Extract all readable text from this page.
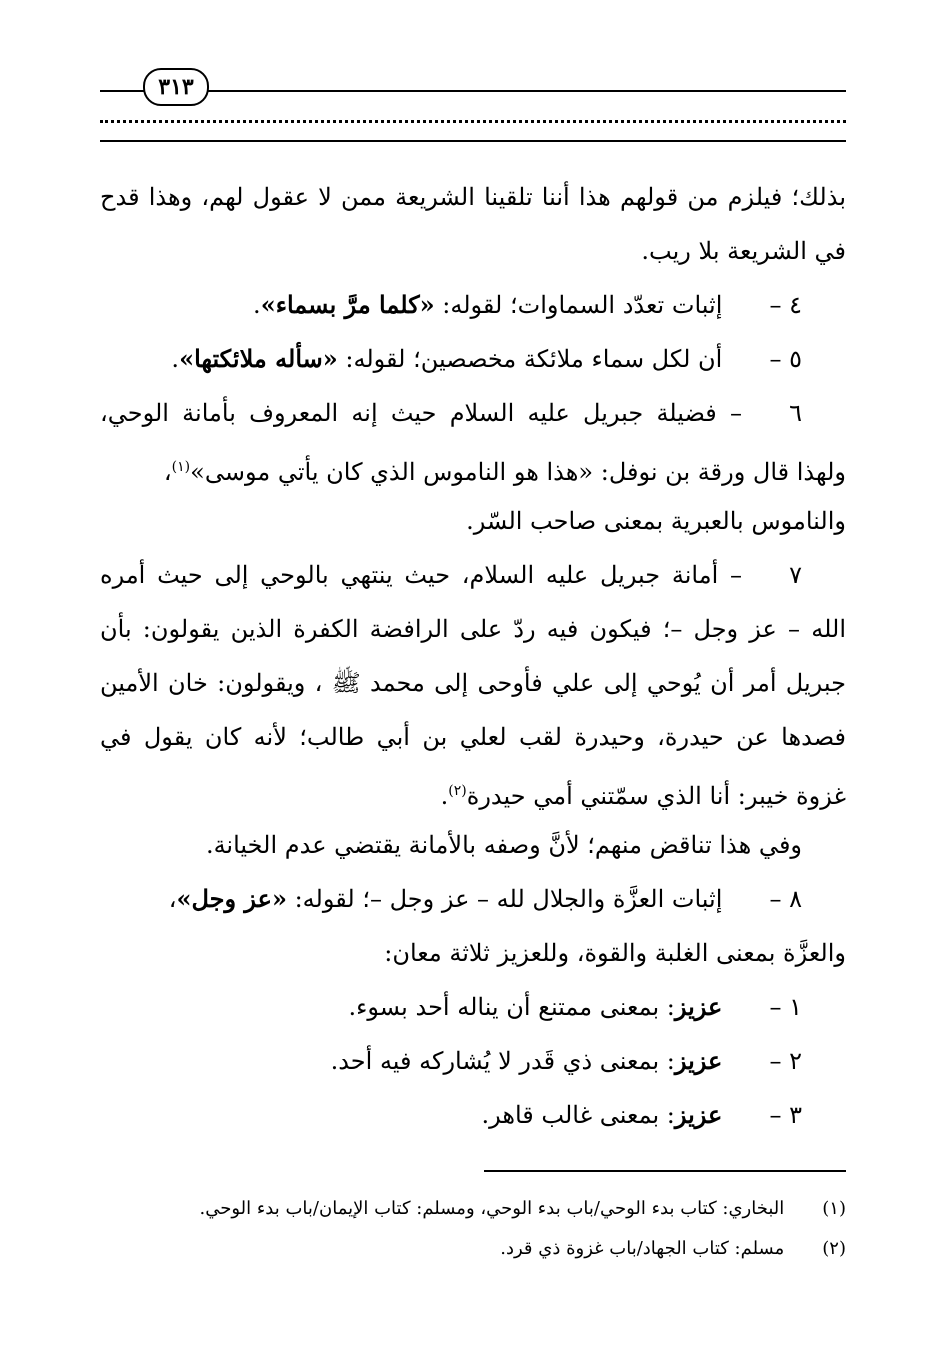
٣١٣
بذلك؛ فيلزم من قولهم هذا أننا تلقينا الشريعة ممن لا عقول لهم، وهذا قدح
في الشريعة بلا ريب.
٤ – إثبات تعدّد السماوات؛ لقوله: «كلما مرَّ بسماء».
٥ – أن لكل سماء ملائكة مخصصين؛ لقوله: «سأله ملائكتها».
٦ – فضيلة جبريل عليه السلام حيث إنه المعروف بأمانة الوحي،
ولهذا قال ورقة بن نوفل: «هذا هو الناموس الذي كان يأتي موسى»$^{(١)}$،
والناموس بالعبرية بمعنى صاحب السّر.
٧ – أمانة جبريل عليه السلام، حيث ينتهي بالوحي إلى حيث أمره
الله – عز وجل –؛ فيكون فيه ردّ على الرافضة الكفرة الذين يقولون: بأن
جبريل أمر أن يُوحي إلى علي فأوحى إلى محمد ﷺ ، ويقولون: خان الأمين
فصدها عن حيدرة، وحيدرة لقب لعلي بن أبي طالب؛ لأنه كان يقول في
غزوة خيبر: أنا الذي سمّتني أمي حيدرة$^{(٢)}$.
وفي هذا تناقض منهم؛ لأنَّ وصفه بالأمانة يقتضي عدم الخيانة.
٨ – إثبات العزَّة والجلال لله – عز وجل –؛ لقوله: «عز وجل»،
والعزَّة بمعنى الغلبة والقوة، وللعزيز ثلاثة معان:
١ – عزيز: بمعنى ممتنع أن يناله أحد بسوء.
٢ – عزيز: بمعنى ذي قَدر لا يُشاركه فيه أحد.
٣ – عزيز: بمعنى غالب قاهر.
(١) البخاري: كتاب بدء الوحي/باب بدء الوحي، ومسلم: كتاب الإيمان/باب بدء الوحي.
(٢) مسلم: كتاب الجهاد/باب غزوة ذي قرد.
